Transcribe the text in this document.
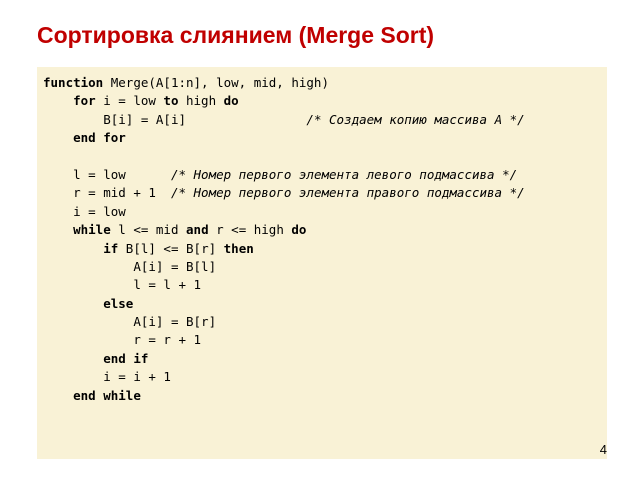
Сортировка слиянием (Merge Sort)
function Merge(A[1:n], low, mid, high)
for i = low to high do
B[i] = A[i]                /* Создаем копию массива A */
end for
l = low      /* Номер первого элемента левого подмассива */
r = mid + 1  /* Номер первого элемента правого подмассива */
i = low
while l <= mid and r <= high do
if B[l] <= B[r] then
A[i] = B[l]
l = l + 1
else
A[i] = B[r]
r = r + 1
end if
i = i + 1
end while
4
